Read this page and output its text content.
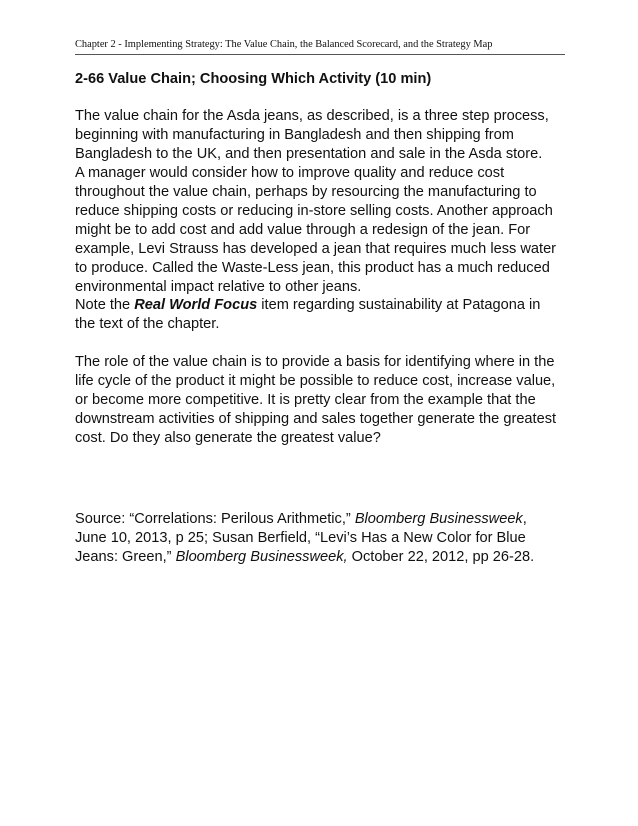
Chapter 2 - Implementing Strategy: The Value Chain, the Balanced Scorecard, and the Strategy Map
2-66 Value Chain; Choosing Which Activity (10 min)
The value chain for the Asda jeans, as described, is a three step process,
beginning with manufacturing in Bangladesh and then shipping from
Bangladesh to the UK, and then presentation and sale in the Asda store.
A manager would consider how to improve quality and reduce cost
throughout the value chain, perhaps by resourcing the manufacturing to
reduce shipping costs or reducing in-store selling costs. Another approach
might be to add cost and add value through a redesign of the jean. For
example, Levi Strauss has developed a jean that requires much less water
to produce. Called the Waste-Less jean, this product has a much reduced
environmental impact relative to other jeans.
Note the Real World Focus item regarding sustainability at Patagona in
the text of the chapter.
The role of the value chain is to provide a basis for identifying where in the
life cycle of the product it might be possible to reduce cost, increase value,
or become more competitive. It is pretty clear from the example that the
downstream activities of shipping and sales together generate the greatest
cost. Do they also generate the greatest value?
Source: “Correlations: Perilous Arithmetic,” Bloomberg Businessweek,
June 10, 2013, p 25; Susan Berfield, “Levi’s Has a New Color for Blue
Jeans: Green,” Bloomberg Businessweek, October 22, 2012, pp 26-28.
